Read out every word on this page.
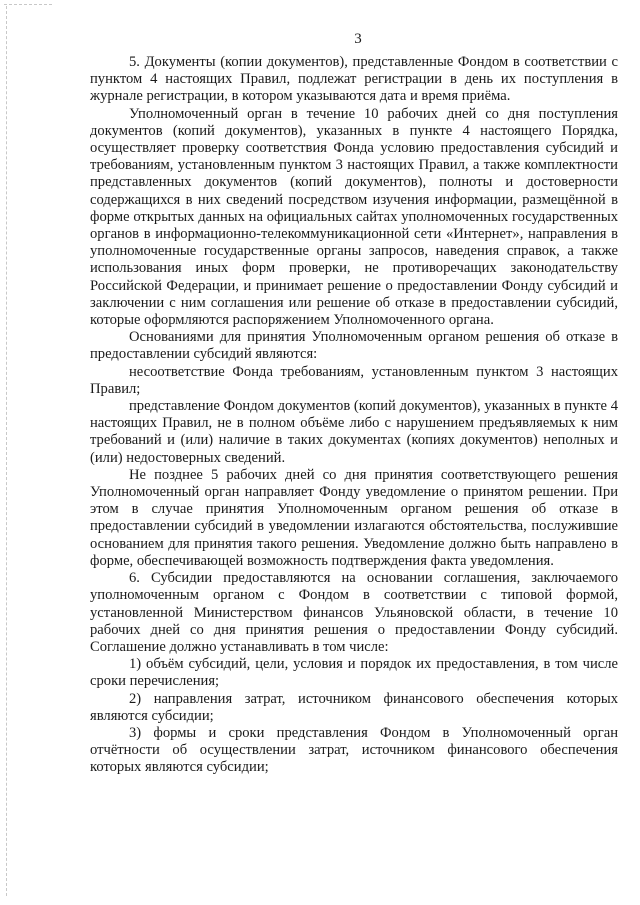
3

5. Документы (копии документов), представленные Фондом в соответствии с пунктом 4 настоящих Правил, подлежат регистрации в день их поступления в журнале регистрации, в котором указываются дата и время приёма.

Уполномоченный орган в течение 10 рабочих дней со дня поступления документов (копий документов), указанных в пункте 4 настоящего Порядка, осуществляет проверку соответствия Фонда условию предоставления субсидий и требованиям, установленным пунктом 3 настоящих Правил, а также комплектности представленных документов (копий документов), полноты и достоверности содержащихся в них сведений посредством изучения информации, размещённой в форме открытых данных на официальных сайтах уполномоченных государственных органов в информационно-телекоммуникационной сети «Интернет», направления в уполномоченные государственные органы запросов, наведения справок, а также использования иных форм проверки, не противоречащих законодательству Российской Федерации, и принимает решение о предоставлении Фонду субсидий и заключении с ним соглашения или решение об отказе в предоставлении субсидий, которые оформляются распоряжением Уполномоченного органа.

Основаниями для принятия Уполномоченным органом решения об отказе в предоставлении субсидий являются:

несоответствие Фонда требованиям, установленным пунктом 3 настоящих Правил;

представление Фондом документов (копий документов), указанных в пункте 4 настоящих Правил, не в полном объёме либо с нарушением предъявляемых к ним требований и (или) наличие в таких документах (копиях документов) неполных и (или) недостоверных сведений.

Не позднее 5 рабочих дней со дня принятия соответствующего решения Уполномоченный орган направляет Фонду уведомление о принятом решении. При этом в случае принятия Уполномоченным органом решения об отказе в предоставлении субсидий в уведомлении излагаются обстоятельства, послужившие основанием для принятия такого решения. Уведомление должно быть направлено в форме, обеспечивающей возможность подтверждения факта уведомления.

6. Субсидии предоставляются на основании соглашения, заключаемого уполномоченным органом с Фондом в соответствии с типовой формой, установленной Министерством финансов Ульяновской области, в течение 10 рабочих дней со дня принятия решения о предоставлении Фонду субсидий. Соглашение должно устанавливать в том числе:

1) объём субсидий, цели, условия и порядок их предоставления, в том числе сроки перечисления;

2) направления затрат, источником финансового обеспечения которых являются субсидии;

3) формы и сроки представления Фондом в Уполномоченный орган отчётности об осуществлении затрат, источником финансового обеспечения которых являются субсидии;
